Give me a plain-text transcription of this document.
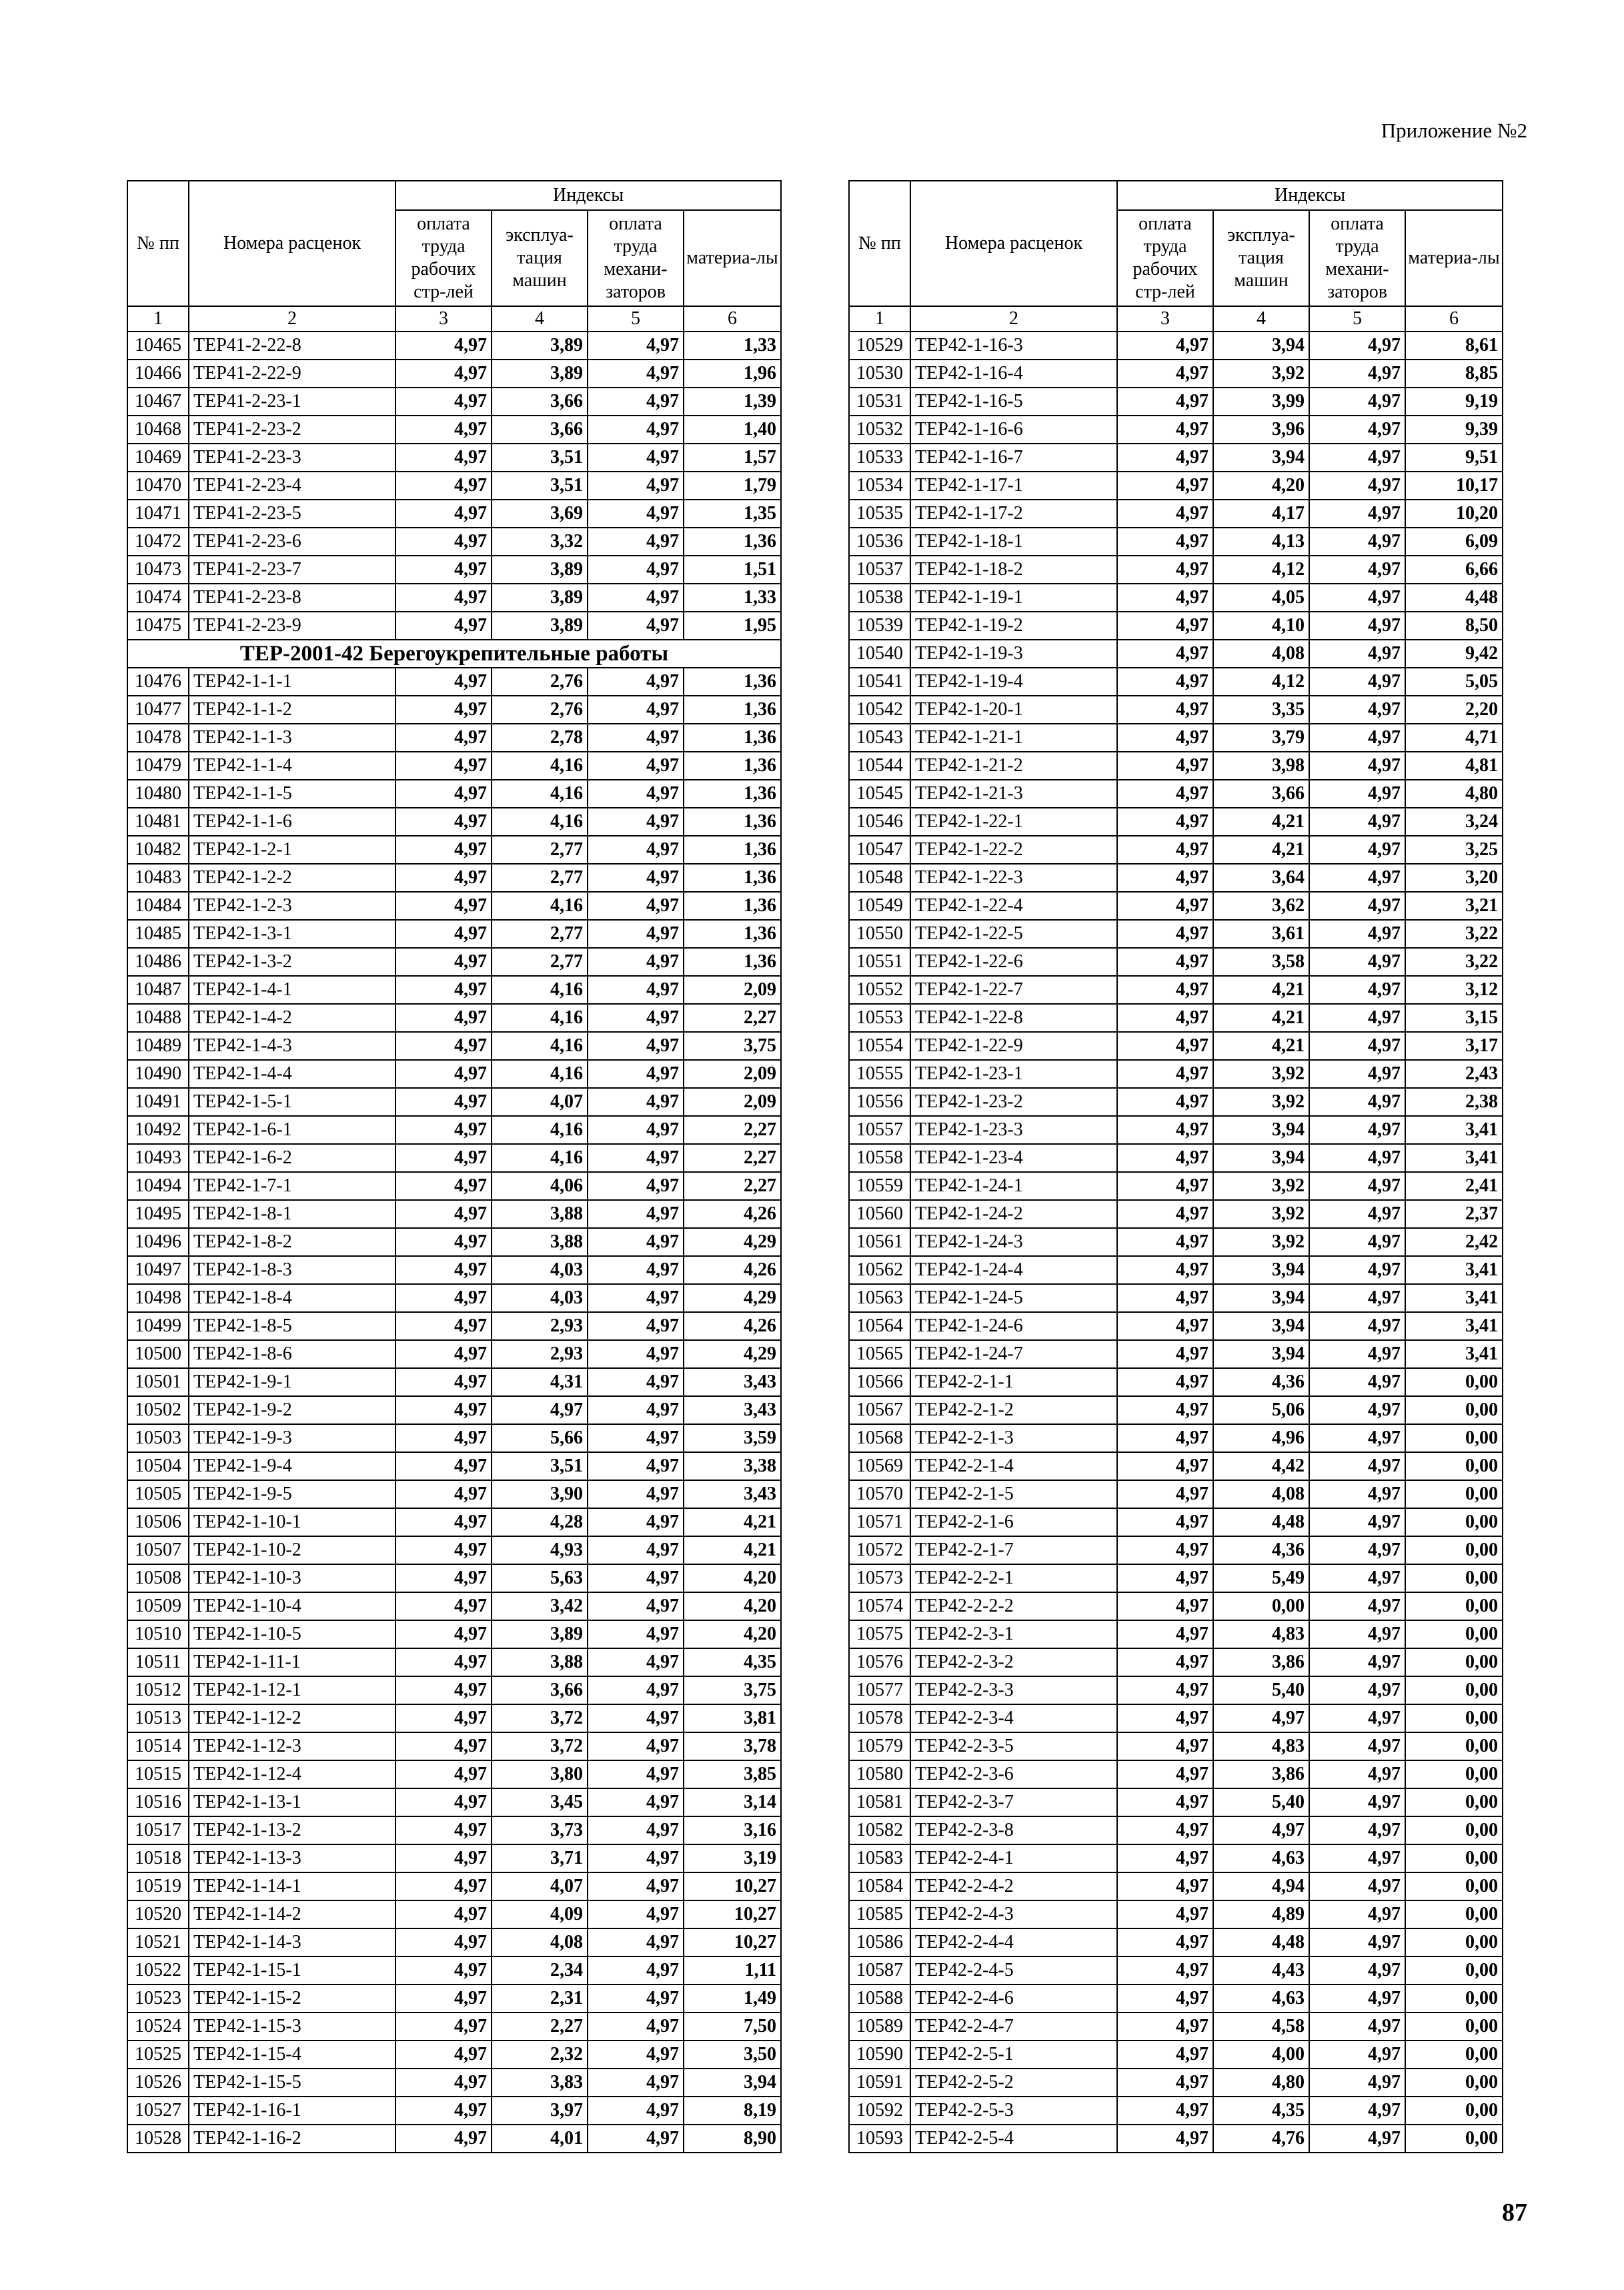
Приложение №2
№ пп	Номера расценок	Индексы			
		оплата труда рабочих стр-лей	эксплуа-тация машин	оплата труда механи-заторов	материа-лы
1	2	3	4	5	6
10465	ТЕР41-2-22-8	4,97	3,89	4,97	1,33
10466	ТЕР41-2-22-9	4,97	3,89	4,97	1,96
10467	ТЕР41-2-23-1	4,97	3,66	4,97	1,39
10468	ТЕР41-2-23-2	4,97	3,66	4,97	1,40
10469	ТЕР41-2-23-3	4,97	3,51	4,97	1,57
10470	ТЕР41-2-23-4	4,97	3,51	4,97	1,79
10471	ТЕР41-2-23-5	4,97	3,69	4,97	1,35
10472	ТЕР41-2-23-6	4,97	3,32	4,97	1,36
10473	ТЕР41-2-23-7	4,97	3,89	4,97	1,51
10474	ТЕР41-2-23-8	4,97	3,89	4,97	1,33
10475	ТЕР41-2-23-9	4,97	3,89	4,97	1,95
ТЕР-2001-42 Берегоукрепительные работы					
10476	ТЕР42-1-1-1	4,97	2,76	4,97	1,36
10477	ТЕР42-1-1-2	4,97	2,76	4,97	1,36
10478	ТЕР42-1-1-3	4,97	2,78	4,97	1,36
10479	ТЕР42-1-1-4	4,97	4,16	4,97	1,36
10480	ТЕР42-1-1-5	4,97	4,16	4,97	1,36
10481	ТЕР42-1-1-6	4,97	4,16	4,97	1,36
10482	ТЕР42-1-2-1	4,97	2,77	4,97	1,36
10483	ТЕР42-1-2-2	4,97	2,77	4,97	1,36
10484	ТЕР42-1-2-3	4,97	4,16	4,97	1,36
10485	ТЕР42-1-3-1	4,97	2,77	4,97	1,36
10486	ТЕР42-1-3-2	4,97	2,77	4,97	1,36
10487	ТЕР42-1-4-1	4,97	4,16	4,97	2,09
10488	ТЕР42-1-4-2	4,97	4,16	4,97	2,27
10489	ТЕР42-1-4-3	4,97	4,16	4,97	3,75
10490	ТЕР42-1-4-4	4,97	4,16	4,97	2,09
10491	ТЕР42-1-5-1	4,97	4,07	4,97	2,09
10492	ТЕР42-1-6-1	4,97	4,16	4,97	2,27
10493	ТЕР42-1-6-2	4,97	4,16	4,97	2,27
10494	ТЕР42-1-7-1	4,97	4,06	4,97	2,27
10495	ТЕР42-1-8-1	4,97	3,88	4,97	4,26
10496	ТЕР42-1-8-2	4,97	3,88	4,97	4,29
10497	ТЕР42-1-8-3	4,97	4,03	4,97	4,26
10498	ТЕР42-1-8-4	4,97	4,03	4,97	4,29
10499	ТЕР42-1-8-5	4,97	2,93	4,97	4,26
10500	ТЕР42-1-8-6	4,97	2,93	4,97	4,29
10501	ТЕР42-1-9-1	4,97	4,31	4,97	3,43
10502	ТЕР42-1-9-2	4,97	4,97	4,97	3,43
10503	ТЕР42-1-9-3	4,97	5,66	4,97	3,59
10504	ТЕР42-1-9-4	4,97	3,51	4,97	3,38
10505	ТЕР42-1-9-5	4,97	3,90	4,97	3,43
10506	ТЕР42-1-10-1	4,97	4,28	4,97	4,21
10507	ТЕР42-1-10-2	4,97	4,93	4,97	4,21
10508	ТЕР42-1-10-3	4,97	5,63	4,97	4,20
10509	ТЕР42-1-10-4	4,97	3,42	4,97	4,20
10510	ТЕР42-1-10-5	4,97	3,89	4,97	4,20
10511	ТЕР42-1-11-1	4,97	3,88	4,97	4,35
10512	ТЕР42-1-12-1	4,97	3,66	4,97	3,75
10513	ТЕР42-1-12-2	4,97	3,72	4,97	3,81
10514	ТЕР42-1-12-3	4,97	3,72	4,97	3,78
10515	ТЕР42-1-12-4	4,97	3,80	4,97	3,85
10516	ТЕР42-1-13-1	4,97	3,45	4,97	3,14
10517	ТЕР42-1-13-2	4,97	3,73	4,97	3,16
10518	ТЕР42-1-13-3	4,97	3,71	4,97	3,19
10519	ТЕР42-1-14-1	4,97	4,07	4,97	10,27
10520	ТЕР42-1-14-2	4,97	4,09	4,97	10,27
10521	ТЕР42-1-14-3	4,97	4,08	4,97	10,27
10522	ТЕР42-1-15-1	4,97	2,34	4,97	1,11
10523	ТЕР42-1-15-2	4,97	2,31	4,97	1,49
10524	ТЕР42-1-15-3	4,97	2,27	4,97	7,50
10525	ТЕР42-1-15-4	4,97	2,32	4,97	3,50
10526	ТЕР42-1-15-5	4,97	3,83	4,97	3,94
10527	ТЕР42-1-16-1	4,97	3,97	4,97	8,19
10528	ТЕР42-1-16-2	4,97	4,01	4,97	8,90
№ пп	Номера расценок	Индексы			
		оплата труда рабочих стр-лей	эксплуа-тация машин	оплата труда механи-заторов	материа-лы
1	2	3	4	5	6
10529	ТЕР42-1-16-3	4,97	3,94	4,97	8,61
10530	ТЕР42-1-16-4	4,97	3,92	4,97	8,85
10531	ТЕР42-1-16-5	4,97	3,99	4,97	9,19
10532	ТЕР42-1-16-6	4,97	3,96	4,97	9,39
10533	ТЕР42-1-16-7	4,97	3,94	4,97	9,51
10534	ТЕР42-1-17-1	4,97	4,20	4,97	10,17
10535	ТЕР42-1-17-2	4,97	4,17	4,97	10,20
10536	ТЕР42-1-18-1	4,97	4,13	4,97	6,09
10537	ТЕР42-1-18-2	4,97	4,12	4,97	6,66
10538	ТЕР42-1-19-1	4,97	4,05	4,97	4,48
10539	ТЕР42-1-19-2	4,97	4,10	4,97	8,50
10540	ТЕР42-1-19-3	4,97	4,08	4,97	9,42
10541	ТЕР42-1-19-4	4,97	4,12	4,97	5,05
10542	ТЕР42-1-20-1	4,97	3,35	4,97	2,20
10543	ТЕР42-1-21-1	4,97	3,79	4,97	4,71
10544	ТЕР42-1-21-2	4,97	3,98	4,97	4,81
10545	ТЕР42-1-21-3	4,97	3,66	4,97	4,80
10546	ТЕР42-1-22-1	4,97	4,21	4,97	3,24
10547	ТЕР42-1-22-2	4,97	4,21	4,97	3,25
10548	ТЕР42-1-22-3	4,97	3,64	4,97	3,20
10549	ТЕР42-1-22-4	4,97	3,62	4,97	3,21
10550	ТЕР42-1-22-5	4,97	3,61	4,97	3,22
10551	ТЕР42-1-22-6	4,97	3,58	4,97	3,22
10552	ТЕР42-1-22-7	4,97	4,21	4,97	3,12
10553	ТЕР42-1-22-8	4,97	4,21	4,97	3,15
10554	ТЕР42-1-22-9	4,97	4,21	4,97	3,17
10555	ТЕР42-1-23-1	4,97	3,92	4,97	2,43
10556	ТЕР42-1-23-2	4,97	3,92	4,97	2,38
10557	ТЕР42-1-23-3	4,97	3,94	4,97	3,41
10558	ТЕР42-1-23-4	4,97	3,94	4,97	3,41
10559	ТЕР42-1-24-1	4,97	3,92	4,97	2,41
10560	ТЕР42-1-24-2	4,97	3,92	4,97	2,37
10561	ТЕР42-1-24-3	4,97	3,92	4,97	2,42
10562	ТЕР42-1-24-4	4,97	3,94	4,97	3,41
10563	ТЕР42-1-24-5	4,97	3,94	4,97	3,41
10564	ТЕР42-1-24-6	4,97	3,94	4,97	3,41
10565	ТЕР42-1-24-7	4,97	3,94	4,97	3,41
10566	ТЕР42-2-1-1	4,97	4,36	4,97	0,00
10567	ТЕР42-2-1-2	4,97	5,06	4,97	0,00
10568	ТЕР42-2-1-3	4,97	4,96	4,97	0,00
10569	ТЕР42-2-1-4	4,97	4,42	4,97	0,00
10570	ТЕР42-2-1-5	4,97	4,08	4,97	0,00
10571	ТЕР42-2-1-6	4,97	4,48	4,97	0,00
10572	ТЕР42-2-1-7	4,97	4,36	4,97	0,00
10573	ТЕР42-2-2-1	4,97	5,49	4,97	0,00
10574	ТЕР42-2-2-2	4,97	0,00	4,97	0,00
10575	ТЕР42-2-3-1	4,97	4,83	4,97	0,00
10576	ТЕР42-2-3-2	4,97	3,86	4,97	0,00
10577	ТЕР42-2-3-3	4,97	5,40	4,97	0,00
10578	ТЕР42-2-3-4	4,97	4,97	4,97	0,00
10579	ТЕР42-2-3-5	4,97	4,83	4,97	0,00
10580	ТЕР42-2-3-6	4,97	3,86	4,97	0,00
10581	ТЕР42-2-3-7	4,97	5,40	4,97	0,00
10582	ТЕР42-2-3-8	4,97	4,97	4,97	0,00
10583	ТЕР42-2-4-1	4,97	4,63	4,97	0,00
10584	ТЕР42-2-4-2	4,97	4,94	4,97	0,00
10585	ТЕР42-2-4-3	4,97	4,89	4,97	0,00
10586	ТЕР42-2-4-4	4,97	4,48	4,97	0,00
10587	ТЕР42-2-4-5	4,97	4,43	4,97	0,00
10588	ТЕР42-2-4-6	4,97	4,63	4,97	0,00
10589	ТЕР42-2-4-7	4,97	4,58	4,97	0,00
10590	ТЕР42-2-5-1	4,97	4,00	4,97	0,00
10591	ТЕР42-2-5-2	4,97	4,80	4,97	0,00
10592	ТЕР42-2-5-3	4,97	4,35	4,97	0,00
10593	ТЕР42-2-5-4	4,97	4,76	4,97	0,00
87
